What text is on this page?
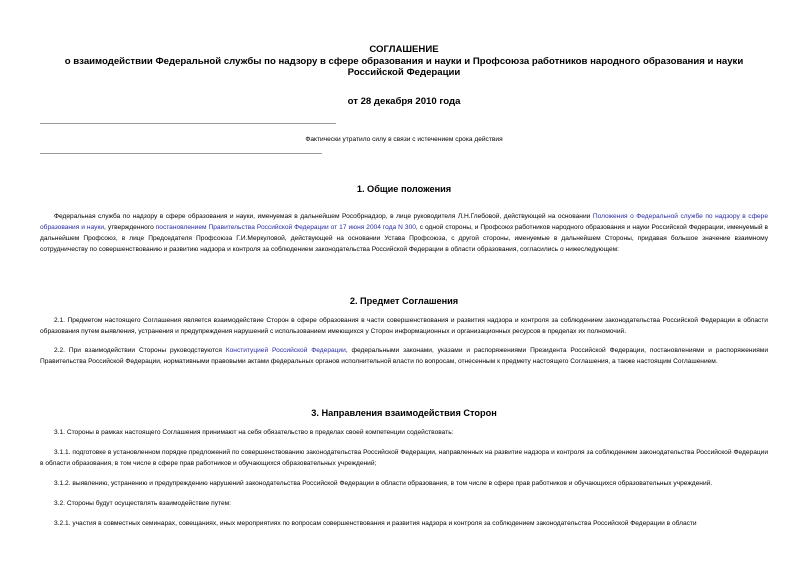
СОГЛАШЕНИЕ
о взаимодействии Федеральной службы по надзору в сфере образования и науки и Профсоюза работников народного образования и науки Российской Федерации
от 28 декабря 2010 года
Фактически утратило силу в связи с истечением срока действия
1. Общие положения
Федеральная служба по надзору в сфере образования и науки, именуемая в дальнейшем Рособрнадзор, в лице руководителя Л.Н.Глебовой, действующей на основании Положения о Федеральной службе по надзору в сфере образования и науки, утвержденного постановлением Правительства Российской Федерации от 17 июня 2004 года N 300, с одной стороны, и Профсоюз работников народного образования и науки Российской Федерации, именуемый в дальнейшем Профсоюз, в лице Председателя Профсоюза Г.И.Меркуловой, действующей на основании Устава Профсоюза, с другой стороны, именуемые в дальнейшем Стороны, придавая большое значение взаимному сотрудничеству по совершенствованию и развитию надзора и контроля за соблюдением законодательства Российской Федерации в области образования, согласились о нижеследующем:
2. Предмет Соглашения
2.1. Предметом настоящего Соглашения является взаимодействие Сторон в сфере образования в части совершенствования и развития надзора и контроля за соблюдением законодательства Российской Федерации в области образования путем выявления, устранения и предупреждения нарушений с использованием имеющихся у Сторон информационных и организационных ресурсов в пределах их полномочий.
2.2. При взаимодействии Стороны руководствуются Конституцией Российской Федерации, федеральными законами, указами и распоряжениями Президента Российской Федерации, постановлениями и распоряжениями Правительства Российской Федерации, нормативными правовыми актами федеральных органов исполнительной власти по вопросам, отнесенным к предмету настоящего Соглашения, а также настоящим Соглашением.
3. Направления взаимодействия Сторон
3.1. Стороны в рамках настоящего Соглашения принимают на себя обязательство в пределах своей компетенции содействовать:
3.1.1. подготовке в установленном порядке предложений по совершенствованию законодательства Российской Федерации, направленных на развитие надзора и контроля за соблюдением законодательства Российской Федерации в области образования, в том числе в сфере прав работников и обучающихся образовательных учреждений;
3.1.2. выявлению, устранению и предупреждению нарушений законодательства Российской Федерации в области образования, в том числе в сфере прав работников и обучающихся образовательных учреждений.
3.2. Стороны будут осуществлять взаимодействие путем:
3.2.1. участия в совместных семинарах, совещаниях, иных мероприятиях по вопросам совершенствования и развития надзора и контроля за соблюдением законодательства Российской Федерации в области
